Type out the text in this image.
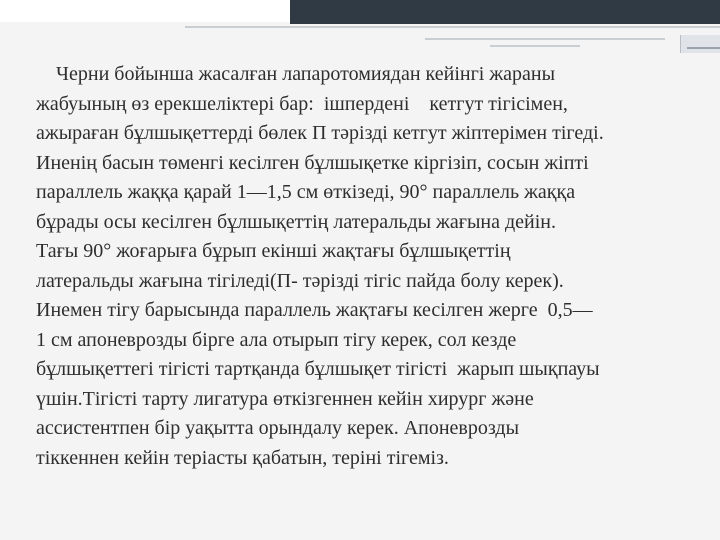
Черни бойынша жасалған лапаротомиядан кейінгі жараны
жабуының өз ерекшеліктері бар:  ішпердені    кетгут тігісімен,
ажыраған бұлшықеттерді бөлек П тәрізді кетгут жіптерімен тігеді.
Иненің басын төменгі кесілген бұлшықетке кіргізіп, сосын жіпті
параллель жаққа қарай 1—1,5 см өткізеді, 90° параллель жаққа
бұрады осы кесілген бұлшықеттің латеральды жағына дейін.
Тағы 90° жоғарыға бұрып екінші жақтағы бұлшықеттің
латеральды жағына тігіледі(П- тәрізді тігіс пайда болу керек).
Инемен тігу барысында параллель жақтағы кесілген жерге  0,5—
1 см апоневрозды бірге ала отырып тігу керек, сол кезде
бұлшықеттегі тігісті тартқанда бұлшықет тігісті  жарып шықпауы
үшін.Тігісті тарту лигатура өткізгеннен кейін хирург және
ассистентпен бір уақытта орындалу керек. Апоневрозды
тіккеннен кейін теріасты қабатын, теріні тігеміз.
